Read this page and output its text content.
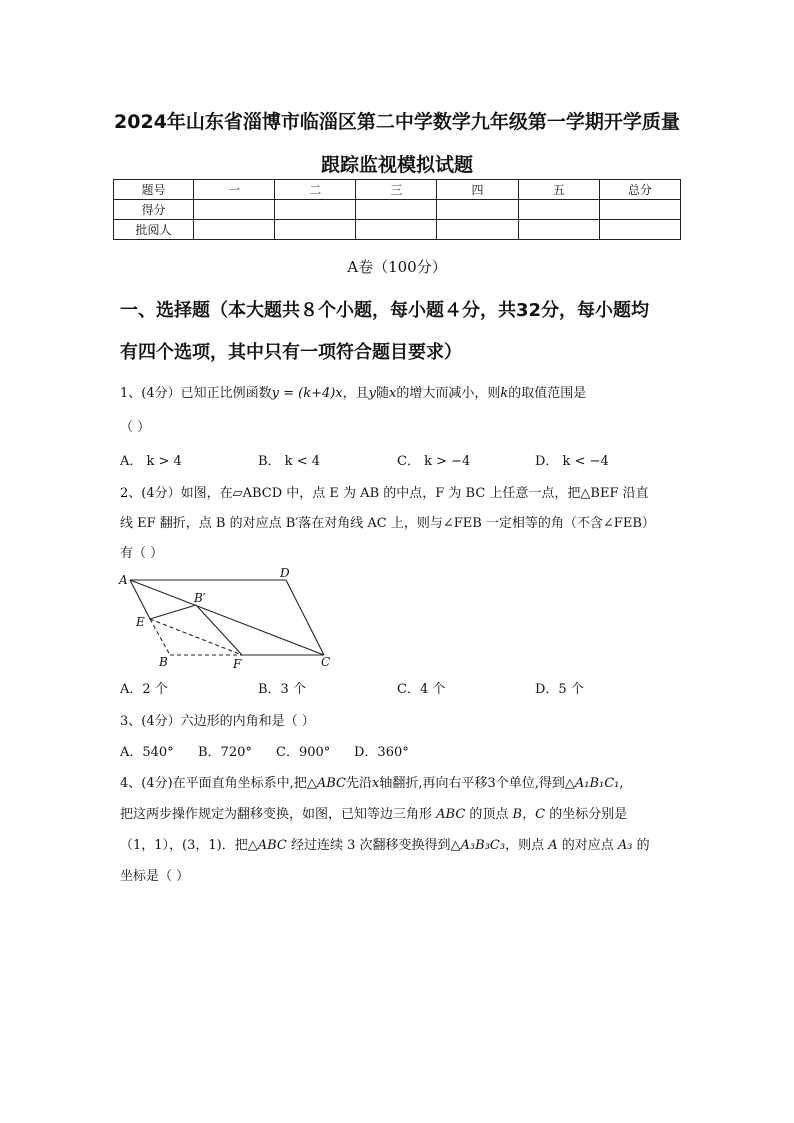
2024年山东省淄博市临淄区第二中学数学九年级第一学期开学质量
跟踪监视模拟试题
题号	一	二	三	四	五	总分
得分						
批阅人						
A卷（100分）
一、选择题（本大题共８个小题，每小题４分，共32分，每小题均
有四个选项，其中只有一项符合题目要求）
1、(4分）已知正比例函数y = (k+4)x，且y随x的增大而减小，则k的取值范围是
（ ）
A． k > 4	B． k < 4	C． k > −4	D． k < −4
2、(4分）如图，在▱ABCD 中，点 E 为 AB 的中点，F 为 BC 上任意一点，把△BEF 沿直
线 EF 翻折，点 B 的对应点 B′落在对角线 AC 上，则与∠FEB 一定相等的角（不含∠FEB）
有（ ）
A	D
B′
E
B	F	C
A．2 个	B．3 个	C．4 个	D．5 个
3、(4分）六边形的内角和是（ ）
A．540° B．720° C．900° D．360°
4、(4分)在平面直角坐标系中,把△ABC先沿x轴翻折,再向右平移3个单位,得到△A₁B₁C₁,
把这两步操作规定为翻移变换，如图，已知等边三角形 ABC 的顶点 B，C 的坐标分别是
（1，1），(3，1)．把△ABC 经过连续 3 次翻移变换得到△A₃B₃C₃，则点 A 的对应点 A₃ 的
坐标是（ ）
